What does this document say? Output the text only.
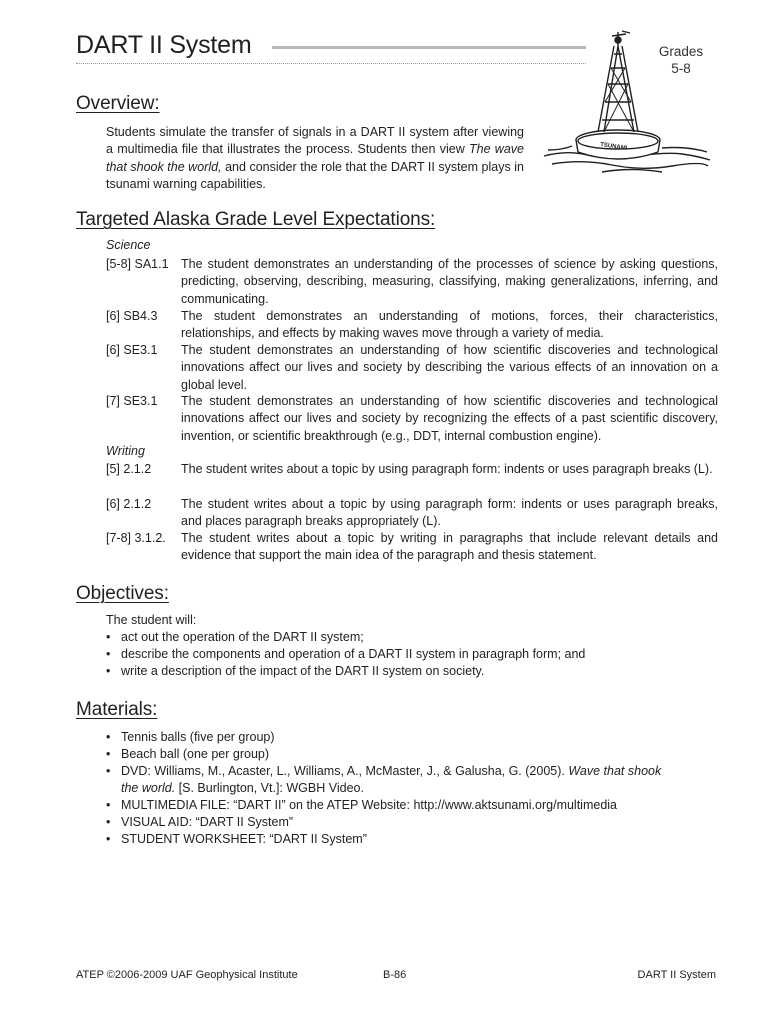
DART II System	Grades
5-8
TSUNAMI
Overview:
Students simulate the transfer of signals in a DART II system after viewing a multimedia file that illustrates the process. Students then view The wave that shook the world, and consider the role that the DART II system plays in tsunami warning capabilities.
Targeted Alaska Grade Level Expectations:
Science
[5-8] SA1.1 The student demonstrates an understanding of the processes of science by asking questions, predicting, observing, describing, measuring, classifying, making generalizations, inferring, and communicating.
[6] SB4.3 The student demonstrates an understanding of motions, forces, their characteristics, relationships, and effects by making waves move through a variety of media.
[6] SE3.1 The student demonstrates an understanding of how scientific discoveries and technological innovations affect our lives and society by describing the various effects of an innovation on a global level.
[7] SE3.1 The student demonstrates an understanding of how scientific discoveries and technological innovations affect our lives and society by recognizing the effects of a past scientific discovery, invention, or scientific breakthrough (e.g., DDT, internal combustion engine).
Writing
[5] 2.1.2 The student writes about a topic by using paragraph form: indents or uses paragraph breaks (L).
[6] 2.1.2 The student writes about a topic by using paragraph form: indents or uses paragraph breaks, and places paragraph breaks appropriately (L).
[7-8] 3.1.2. The student writes about a topic by writing in paragraphs that include relevant details and evidence that support the main idea of the paragraph and thesis statement.
Objectives:
The student will:
• act out the operation of the DART II system;
• describe the components and operation of a DART II system in paragraph form; and
• write a description of the impact of the DART II system on society.
Materials:
• Tennis balls (five per group)
• Beach ball (one per group)
• DVD: Williams, M., Acaster, L., Williams, A., McMaster, J., & Galusha, G. (2005). Wave that shook the world. [S. Burlington, Vt.]: WGBH Video.
• MULTIMEDIA FILE: “DART II” on the ATEP Website: http://www.aktsunami.org/multimedia
• VISUAL AID: “DART II System”
• STUDENT WORKSHEET: “DART II System”
ATEP ©2006-2009 UAF Geophysical Institute	B-86	DART II System
